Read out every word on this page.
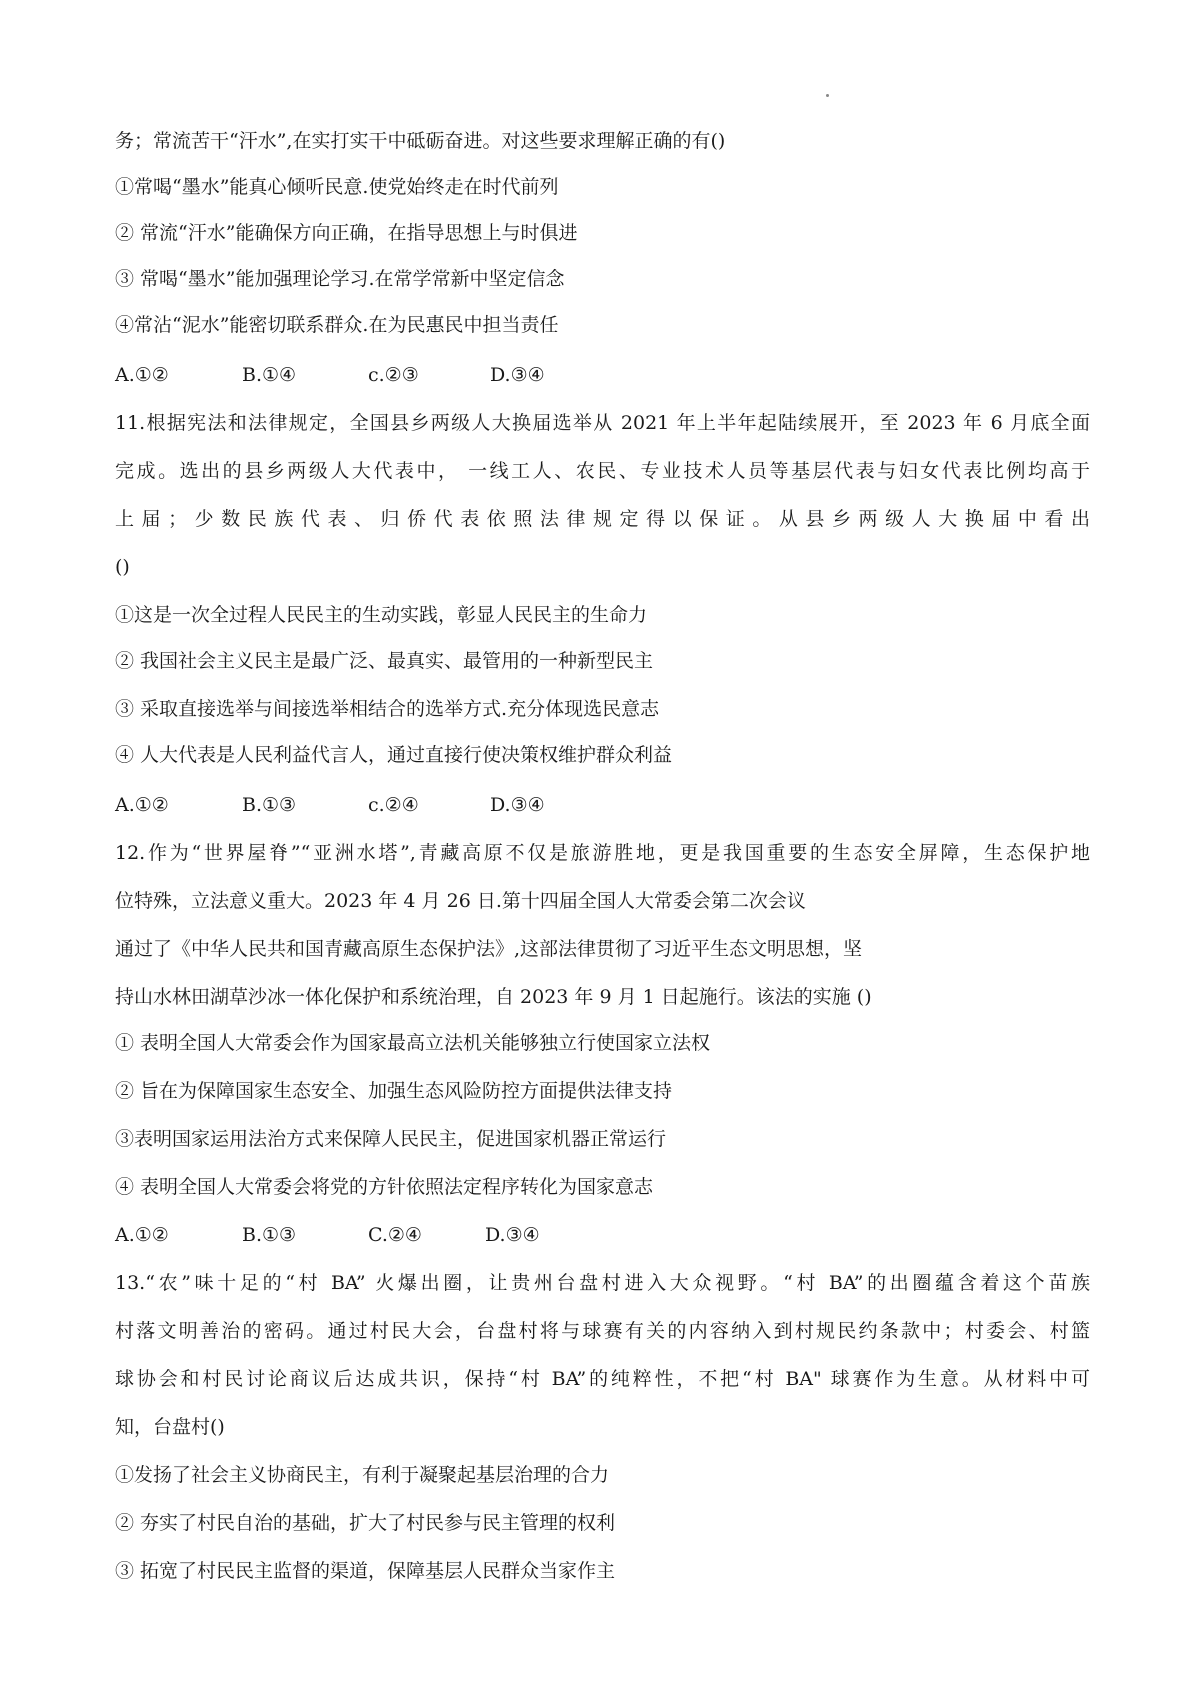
务；常流苦干“汗水”,在实打实干中砥砺奋进。对这些要求理解正确的有()
①常喝“墨水”能真心倾听民意.使党始终走在时代前列
② 常流“汗水”能确保方向正确，在指导思想上与时俱进
③ 常喝“墨水”能加强理论学习.在常学常新中坚定信念
④常沾“泥水”能密切联系群众.在为民惠民中担当责任
A.①②	B.①④	c.②③	D.③④
11.根据宪法和法律规定，全国县乡两级人大换届选举从 2021 年上半年起陆续展开，至 2023 年 6 月底全面
完成。选出的县乡两级人大代表中， 一线工人、农民、专业技术人员等基层代表与妇女代表比例均高于
上届；少数民族代表、归侨代表依照法律规定得以保证。从县乡两级人大换届中看出
()
①这是一次全过程人民民主的生动实践，彰显人民民主的生命力
② 我国社会主义民主是最广泛、最真实、最管用的一种新型民主
③ 采取直接选举与间接选举相结合的选举方式.充分体现选民意志
④ 人大代表是人民利益代言人，通过直接行使决策权维护群众利益
A.①②	B.①③	c.②④	D.③④
12.作为“世界屋脊”“亚洲水塔”,青藏高原不仅是旅游胜地，更是我国重要的生态安全屏障，生态保护地
位特殊，立法意义重大。2023 年 4 月 26 日.第十四届全国人大常委会第二次会议
通过了《中华人民共和国青藏高原生态保护法》,这部法律贯彻了习近平生态文明思想，坚
持山水林田湖草沙冰一体化保护和系统治理，自 2023 年 9 月 1 日起施行。该法的实施 ()
① 表明全国人大常委会作为国家最高立法机关能够独立行使国家立法权
② 旨在为保障国家生态安全、加强生态风险防控方面提供法律支持
③表明国家运用法治方式来保障人民民主，促进国家机器正常运行
④ 表明全国人大常委会将党的方针依照法定程序转化为国家意志
A.①②	B.①③	C.②④	D.③④
13.“农”味十足的“村 BA” 火爆出圈，让贵州台盘村进入大众视野。“村 BA”的出圈蕴含着这个苗族
村落文明善治的密码。通过村民大会，台盘村将与球赛有关的内容纳入到村规民约条款中；村委会、村篮
球协会和村民讨论商议后达成共识，保持“村 BA”的纯粹性，不把“村 BA" 球赛作为生意。从材料中可
知，台盘村()
①发扬了社会主义协商民主，有利于凝聚起基层治理的合力
② 夯实了村民自治的基础，扩大了村民参与民主管理的权利
③ 拓宽了村民民主监督的渠道，保障基层人民群众当家作主
